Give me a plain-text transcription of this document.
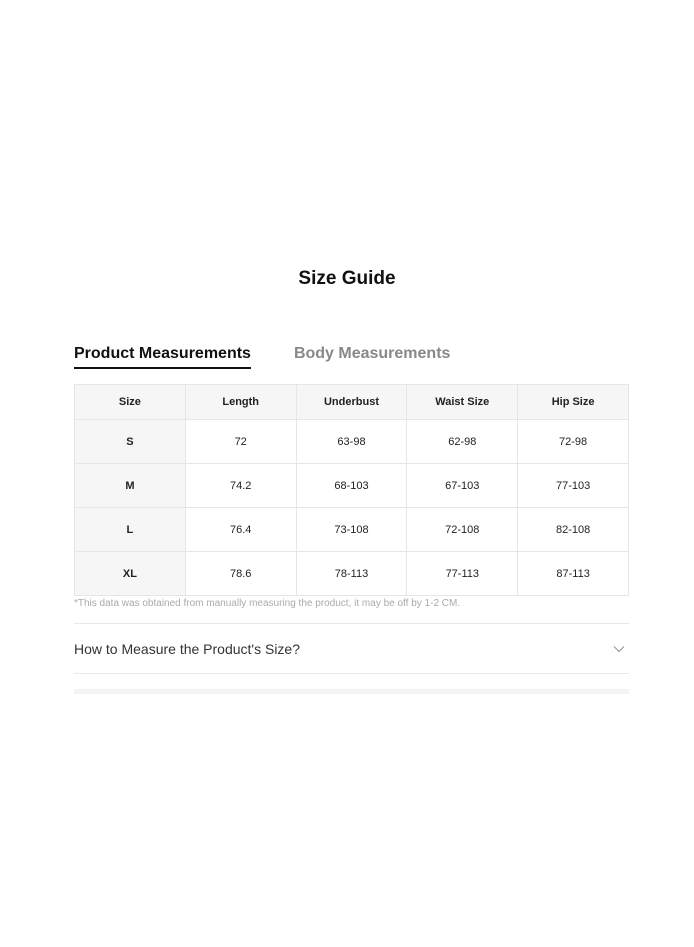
Size Guide
Product Measurements	Body Measurements
Size	Length	Underbust	Waist Size	Hip Size
S	72	63-98	62-98	72-98
M	74.2	68-103	67-103	77-103
L	76.4	73-108	72-108	82-108
XL	78.6	78-113	77-113	87-113
*This data was obtained from manually measuring the product, it may be off by 1-2 CM.
How to Measure the Product's Size?
